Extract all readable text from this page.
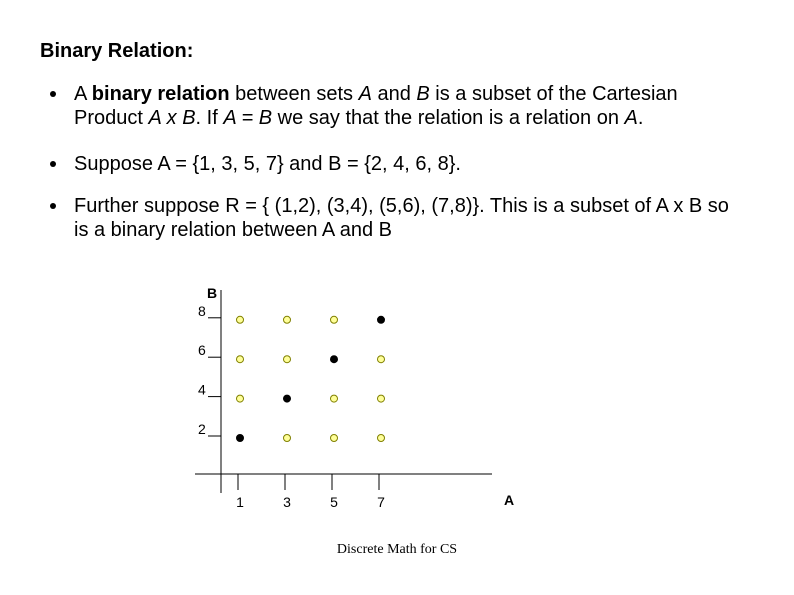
Binary Relation:
A binary relation between sets A and B is a subset of the Cartesian Product A x B. If A = B we say that the relation is a relation on A.
Suppose A = {1, 3, 5, 7} and B = {2, 4, 6, 8}.
Further suppose R = { (1,2), (3,4), (5,6), (7,8)}. This is a subset of A x B so is a binary relation between A and B
2
4
6
8
1	3	5	7
B
A
Discrete Math for CS
